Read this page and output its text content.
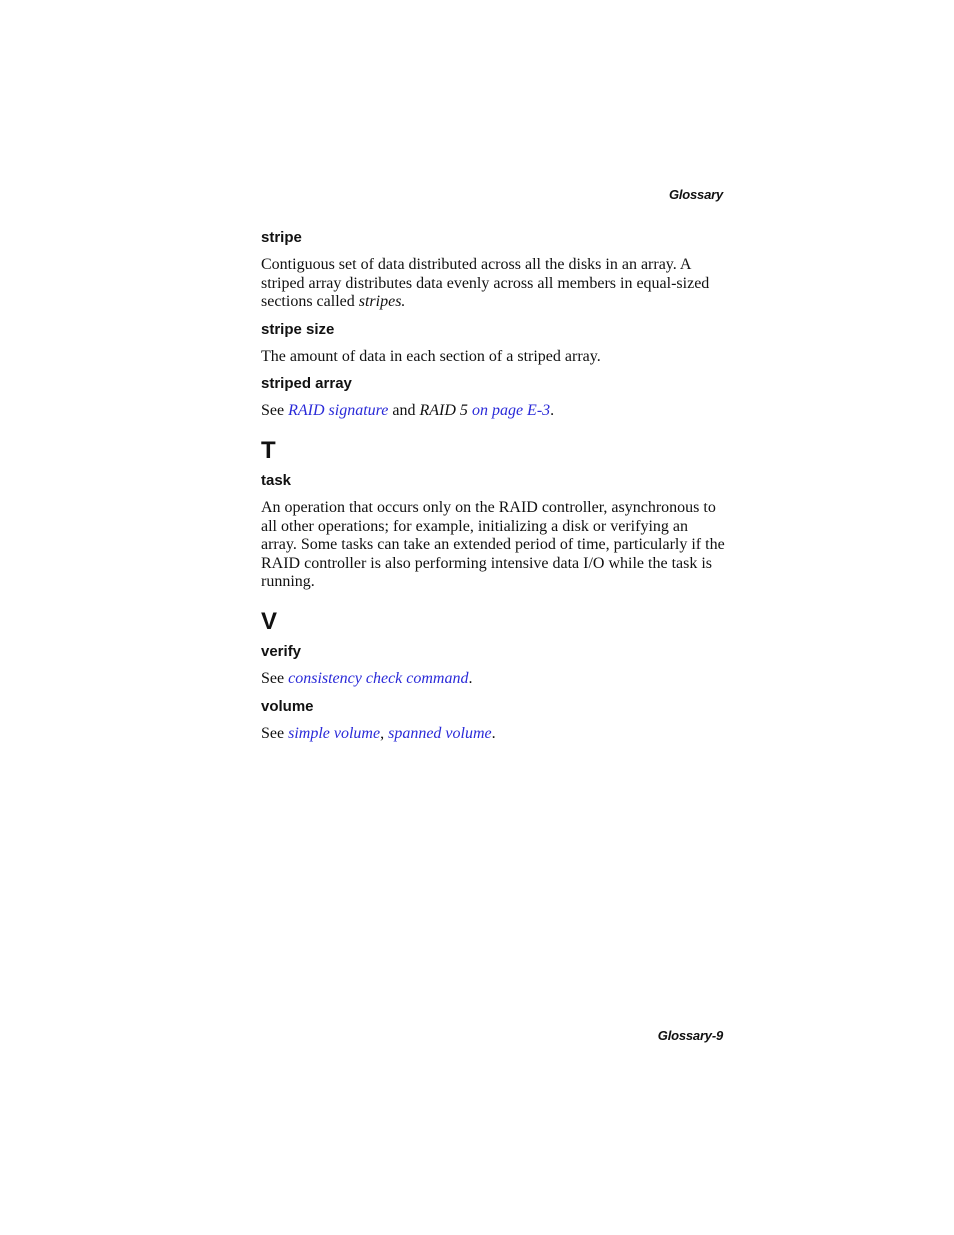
Glossary

stripe

Contiguous set of data distributed across all the disks in an array. A striped array distributes data evenly across all members in equal-sized sections called stripes.

stripe size

The amount of data in each section of a striped array.

striped array

See RAID signature and RAID 5 on page E-3.

T

task

An operation that occurs only on the RAID controller, asynchronous to all other operations; for example, initializing a disk or verifying an array. Some tasks can take an extended period of time, particularly if the RAID controller is also performing intensive data I/O while the task is running.

V

verify

See consistency check command.

volume

See simple volume, spanned volume.

Glossary-9
